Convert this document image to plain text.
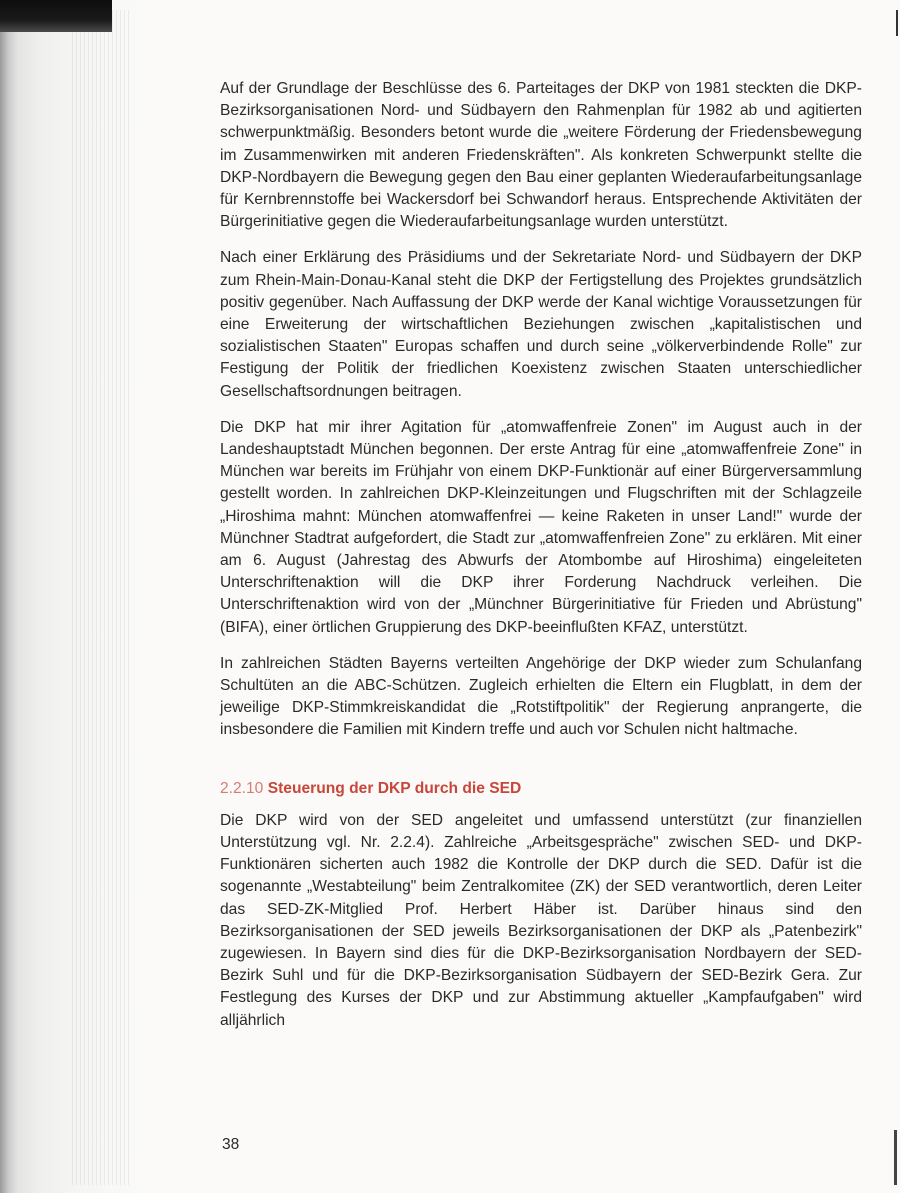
Auf der Grundlage der Beschlüsse des 6. Parteitages der DKP von 1981 steckten die DKP-Bezirksorganisationen Nord- und Südbayern den Rahmenplan für 1982 ab und agitierten schwerpunktmäßig. Besonders betont wurde die „weitere Förderung der Friedensbewegung im Zusammenwirken mit anderen Friedenskräften". Als konkreten Schwerpunkt stellte die DKP-Nordbayern die Bewegung gegen den Bau einer geplanten Wiederaufarbeitungsanlage für Kernbrennstoffe bei Wackersdorf bei Schwandorf heraus. Entsprechende Aktivitäten der Bürgerinitiative gegen die Wiederaufarbeitungsanlage wurden unterstützt.

Nach einer Erklärung des Präsidiums und der Sekretariate Nord- und Südbayern der DKP zum Rhein-Main-Donau-Kanal steht die DKP der Fertigstellung des Projektes grundsätzlich positiv gegenüber. Nach Auffassung der DKP werde der Kanal wichtige Voraussetzungen für eine Erweiterung der wirtschaftlichen Beziehungen zwischen „kapitalistischen und sozialistischen Staaten" Europas schaffen und durch seine „völkerverbindende Rolle" zur Festigung der Politik der friedlichen Koexistenz zwischen Staaten unterschiedlicher Gesellschaftsordnungen beitragen.

Die DKP hat mir ihrer Agitation für „atomwaffenfreie Zonen" im August auch in der Landeshauptstadt München begonnen. Der erste Antrag für eine „atomwaffenfreie Zone" in München war bereits im Frühjahr von einem DKP-Funktionär auf einer Bürgerversammlung gestellt worden. In zahlreichen DKP-Kleinzeitungen und Flugschriften mit der Schlagzeile „Hiroshima mahnt: München atomwaffenfrei — keine Raketen in unser Land!" wurde der Münchner Stadtrat aufgefordert, die Stadt zur „atomwaffenfreien Zone" zu erklären. Mit einer am 6. August (Jahrestag des Abwurfs der Atombombe auf Hiroshima) eingeleiteten Unterschriftenaktion will die DKP ihrer Forderung Nachdruck verleihen. Die Unterschriftenaktion wird von der „Münchner Bürgerinitiative für Frieden und Abrüstung" (BIFA), einer örtlichen Gruppierung des DKP-beeinflußten KFAZ, unterstützt.

In zahlreichen Städten Bayerns verteilten Angehörige der DKP wieder zum Schulanfang Schultüten an die ABC-Schützen. Zugleich erhielten die Eltern ein Flugblatt, in dem der jeweilige DKP-Stimmkreiskandidat die „Rotstiftpolitik" der Regierung anprangerte, die insbesondere die Familien mit Kindern treffe und auch vor Schulen nicht haltmache.

2.2.10 Steuerung der DKP durch die SED

Die DKP wird von der SED angeleitet und umfassend unterstützt (zur finanziellen Unterstützung vgl. Nr. 2.2.4). Zahlreiche „Arbeitsgespräche" zwischen SED- und DKP-Funktionären sicherten auch 1982 die Kontrolle der DKP durch die SED. Dafür ist die sogenannte „Westabteilung" beim Zentralkomitee (ZK) der SED verantwortlich, deren Leiter das SED-ZK-Mitglied Prof. Herbert Häber ist. Darüber hinaus sind den Bezirksorganisationen der SED jeweils Bezirksorganisationen der DKP als „Patenbezirk" zugewiesen. In Bayern sind dies für die DKP-Bezirksorganisation Nordbayern der SED-Bezirk Suhl und für die DKP-Bezirksorganisation Südbayern der SED-Bezirk Gera. Zur Festlegung des Kurses der DKP und zur Abstimmung aktueller „Kampfaufgaben" wird alljährlich

38
